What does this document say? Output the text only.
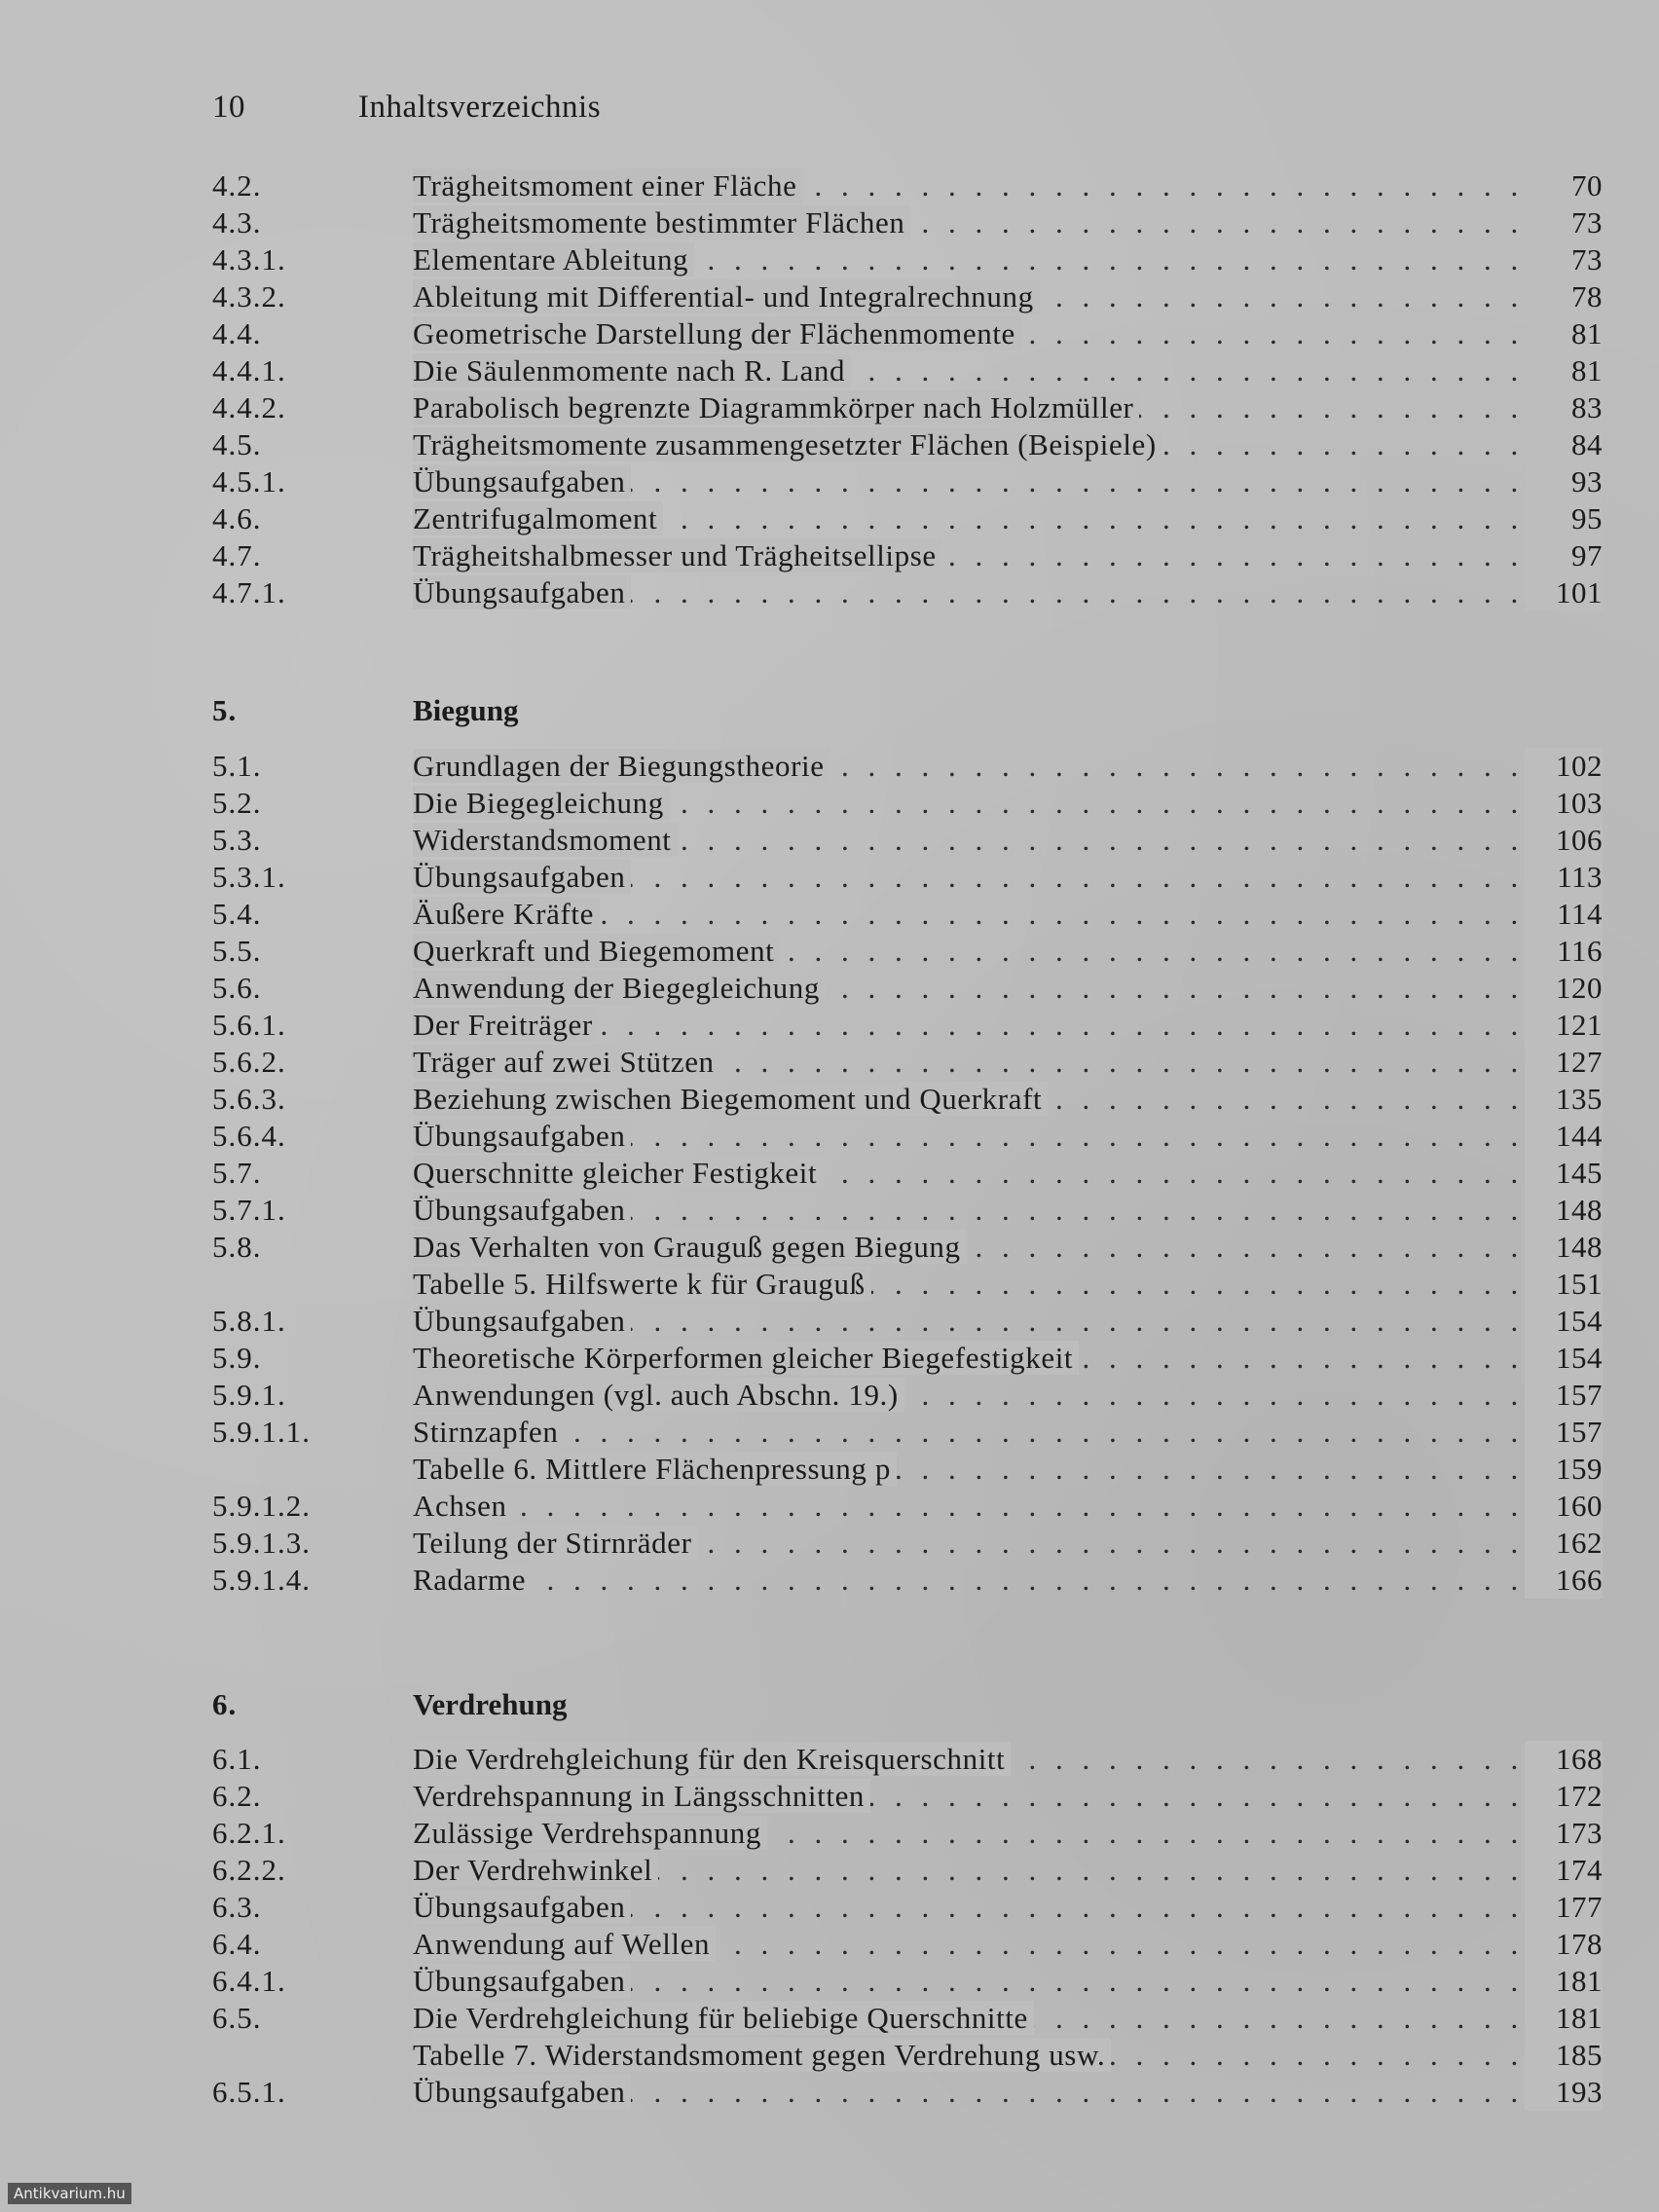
10	Inhaltsverzeichnis
4.2.	Trägheitsmoment einer Fläche . . .	70
4.3.	Trägheitsmomente bestimmter Flächen . . .	73
4.3.1.	Elementare Ableitung . . .	73
4.3.2.	Ableitung mit Differential- und Integralrechnung . . .	78
4.4.	Geometrische Darstellung der Flächenmomente . . .	81
4.4.1.	Die Säulenmomente nach R. Land . . .	81
4.4.2.	Parabolisch begrenzte Diagrammkörper nach Holzmüller . . .	83
4.5.	Trägheitsmomente zusammengesetzter Flächen (Beispiele) . . .	84
4.5.1.	Übungsaufgaben . . .	93
4.6.	Zentrifugalmoment . . .	95
4.7.	Trägheitshalbmesser und Trägheitsellipse . . .	97
4.7.1.	Übungsaufgaben . . .	101
5.	Biegung
5.1.	Grundlagen der Biegungstheorie . . .	102
5.2.	Die Biegegleichung . . .	103
5.3.	Widerstandsmoment . . .	106
5.3.1.	Übungsaufgaben . . .	113
5.4.	Äußere Kräfte . . .	114
5.5.	Querkraft und Biegemoment . . .	116
5.6.	Anwendung der Biegegleichung . . .	120
5.6.1.	Der Freiträger . . .	121
5.6.2.	Träger auf zwei Stützen . . .	127
5.6.3.	Beziehung zwischen Biegemoment und Querkraft . . .	135
5.6.4.	Übungsaufgaben . . .	144
5.7.	Querschnitte gleicher Festigkeit . . .	145
5.7.1.	Übungsaufgaben . . .	148
5.8.	Das Verhalten von Grauguß gegen Biegung . . .	148
Tabelle 5. Hilfswerte k für Grauguß . . .	151
5.8.1.	Übungsaufgaben . . .	154
5.9.	Theoretische Körperformen gleicher Biegefestigkeit . . .	154
5.9.1.	Anwendungen (vgl. auch Abschn. 19.) . . .	157
5.9.1.1.	Stirnzapfen . . .	157
Tabelle 6. Mittlere Flächenpressung p . . .	159
5.9.1.2.	Achsen . . .	160
5.9.1.3.	Teilung der Stirnräder . . .	162
5.9.1.4.	Radarme . . .	166
6.	Verdrehung
6.1.	Die Verdrehgleichung für den Kreisquerschnitt . . .	168
6.2.	Verdrehspannung in Längsschnitten . . .	172
6.2.1.	Zulässige Verdrehspannung . . .	173
6.2.2.	Der Verdrehwinkel . . .	174
6.3.	Übungsaufgaben . . .	177
6.4.	Anwendung auf Wellen . . .	178
6.4.1.	Übungsaufgaben . . .	181
6.5.	Die Verdrehgleichung für beliebige Querschnitte . . .	181
Tabelle 7. Widerstandsmoment gegen Verdrehung usw. . . .	185
6.5.1.	Übungsaufgaben . . .	193
Antikvarium.hu
